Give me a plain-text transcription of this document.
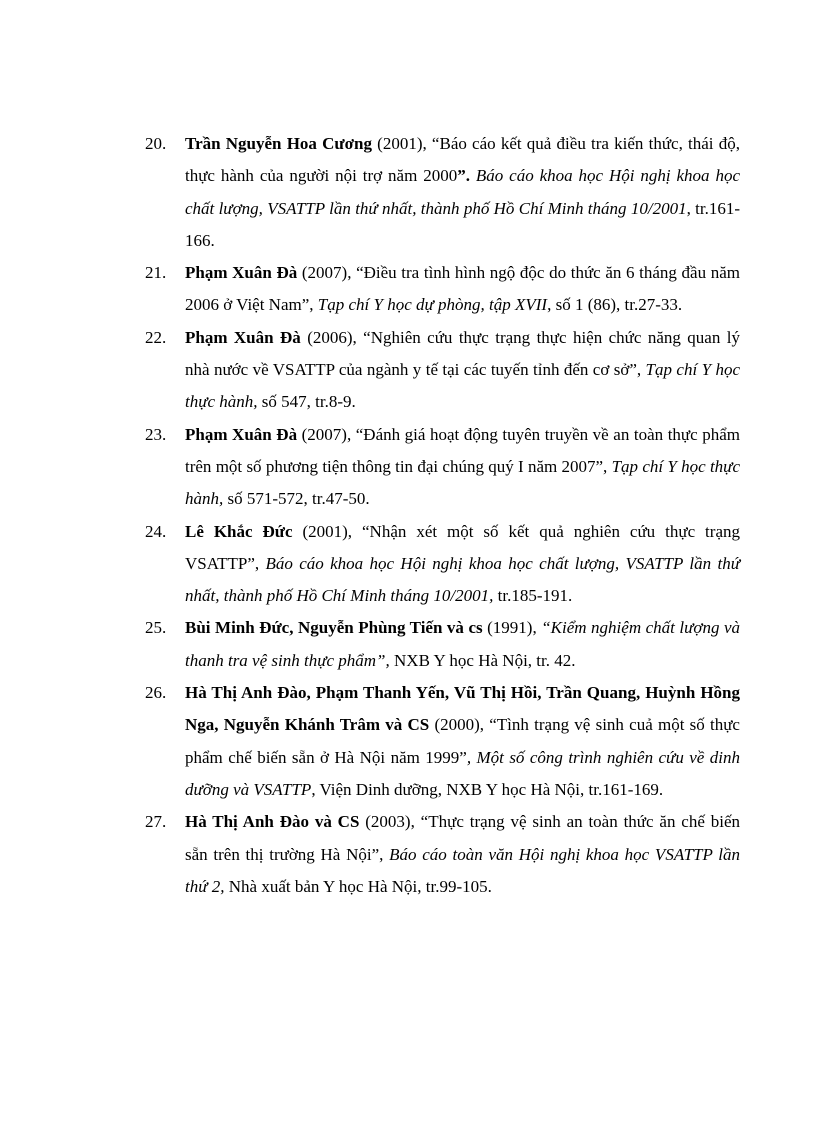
20.	Trần Nguyễn Hoa Cương (2001), “Báo cáo kết quả điều tra kiến thức, thái độ, thực hành của người nội trợ năm 2000”. Báo cáo khoa học Hội nghị khoa học chất lượng, VSATTP lần thứ nhất, thành phố Hồ Chí Minh tháng 10/2001, tr.161-166.
21.	Phạm Xuân Đà (2007), “Điều tra tình hình ngộ độc do thức ăn 6 tháng đầu năm 2006 ở Việt Nam”, Tạp chí Y học dự phòng, tập XVII, số 1 (86), tr.27-33.
22.	Phạm Xuân Đà (2006), “Nghiên cứu thực trạng thực hiện chức năng quan lý nhà nước về VSATTP của ngành y tế tại các tuyến tỉnh đến cơ sở”, Tạp chí Y học thực hành, số 547, tr.8-9.
23.	Phạm Xuân Đà (2007), “Đánh giá hoạt động tuyên truyền về an toàn thực phẩm trên một số phương tiện thông tin đại chúng quý I năm 2007”, Tạp chí Y học thực hành, số 571-572, tr.47-50.
24.	Lê Khắc Đức (2001), “Nhận xét một số kết quả nghiên cứu thực trạng VSATTP”, Báo cáo khoa học Hội nghị khoa học chất lượng, VSATTP lần thứ nhất, thành phố Hồ Chí Minh tháng 10/2001, tr.185-191.
25.	Bùi Minh Đức, Nguyễn Phùng Tiến và cs (1991), “Kiểm nghiệm chất lượng và thanh tra vệ sinh thực phẩm”, NXB Y học Hà Nội, tr. 42.
26.	Hà Thị Anh Đào, Phạm Thanh Yến, Vũ Thị Hồi, Trần Quang, Huỳnh Hồng Nga, Nguyễn Khánh Trâm và CS (2000), “Tình trạng vệ sinh cuả một số thực phẩm chế biến sẵn ở Hà Nội năm 1999”, Một số công trình nghiên cứu về dinh dưỡng và VSATTP, Viện Dinh dưỡng, NXB Y học Hà Nội, tr.161-169.
27.	Hà Thị Anh Đào và CS (2003), “Thực trạng vệ sinh an toàn thức ăn chế biến sẵn trên thị trường Hà Nội”, Báo cáo toàn văn Hội nghị khoa học VSATTP lần thứ 2, Nhà xuất bản Y học Hà Nội, tr.99-105.
